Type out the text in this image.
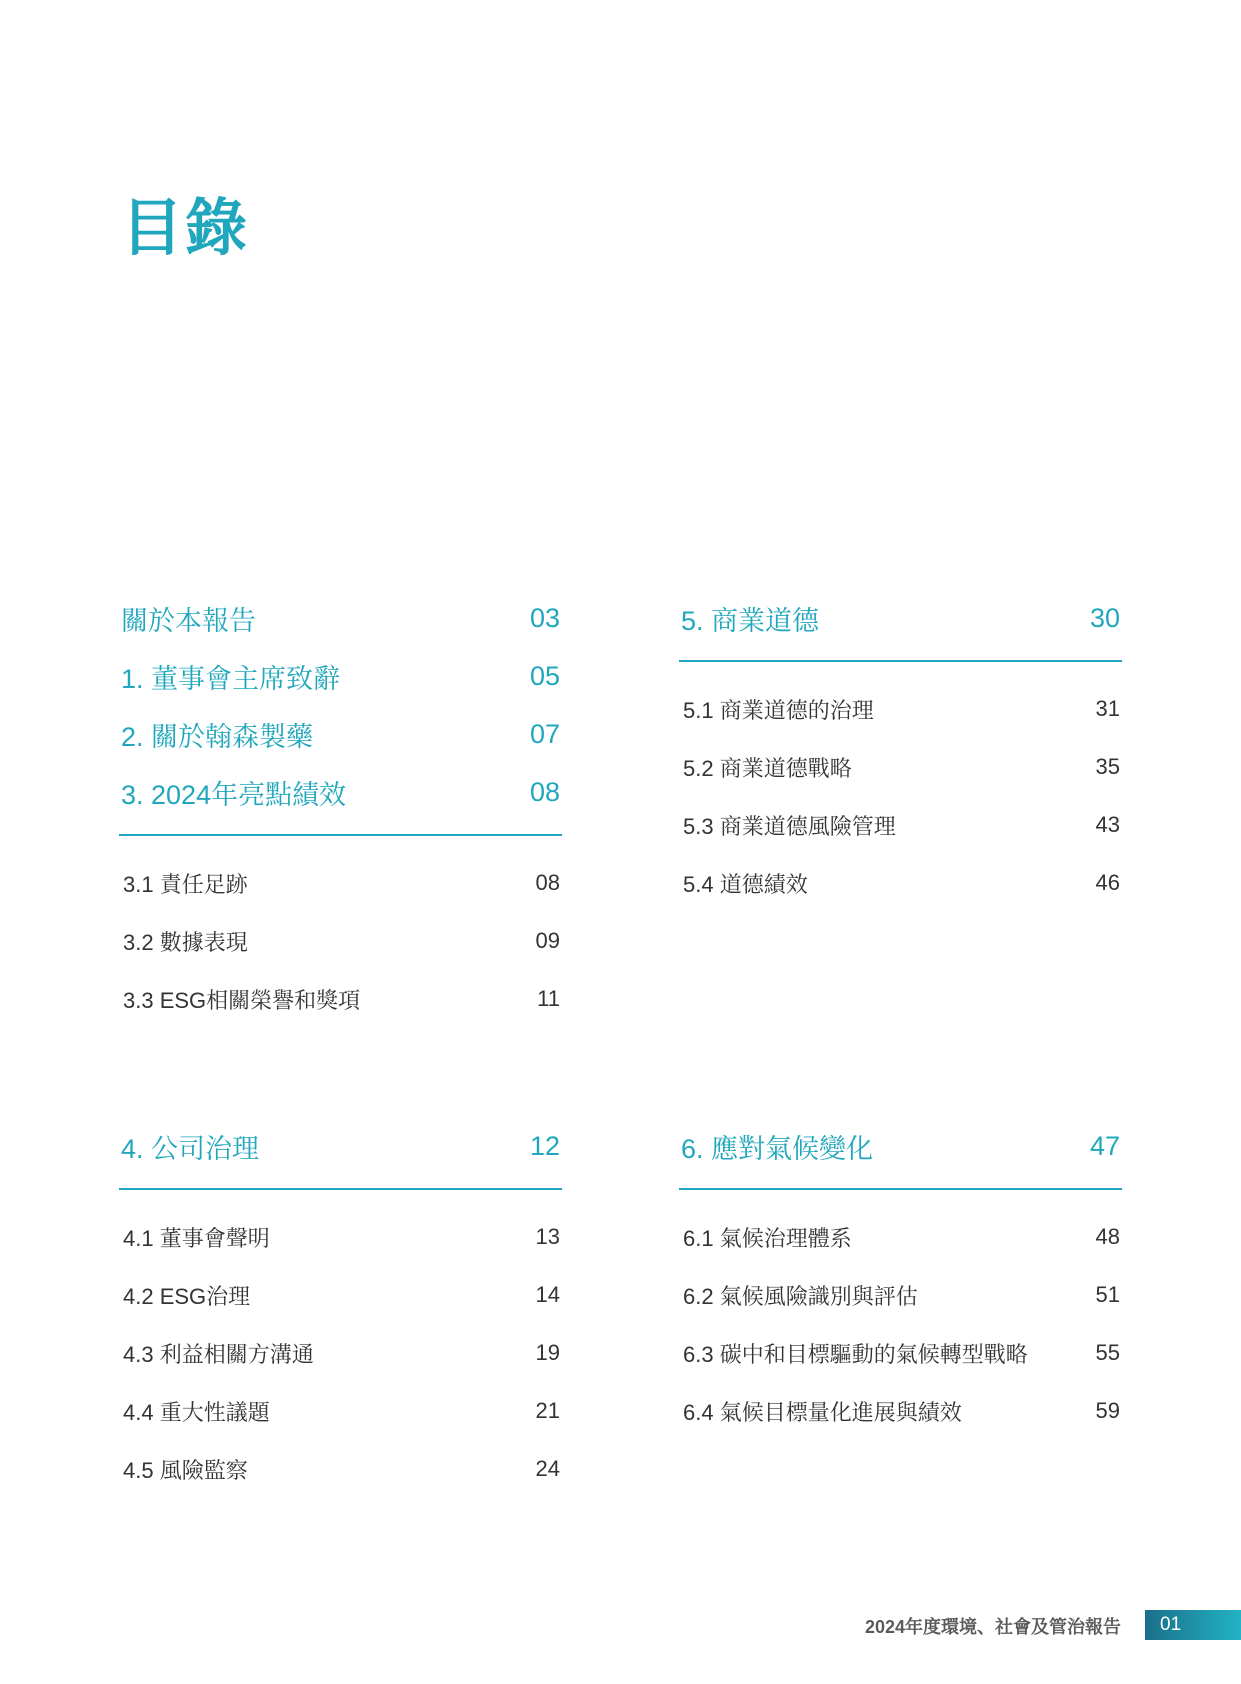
目錄
關於本報告	03
1. 董事會主席致辭	05
2. 關於翰森製藥	07
3. 2024年亮點績效	08
3.1 責任足跡	08
3.2 數據表現	09
3.3 ESG相關榮譽和獎項	11
5. 商業道德	30
5.1 商業道德的治理	31
5.2 商業道德戰略	35
5.3 商業道德風險管理	43
5.4 道德績效	46
4. 公司治理	12
4.1 董事會聲明	13
4.2 ESG治理	14
4.3 利益相關方溝通	19
4.4 重大性議題	21
4.5 風險監察	24
6. 應對氣候變化	47
6.1 氣候治理體系	48
6.2 氣候風險識別與評估	51
6.3 碳中和目標驅動的氣候轉型戰略	55
6.4 氣候目標量化進展與績效	59
2024年度環境、社會及管治報告 01
